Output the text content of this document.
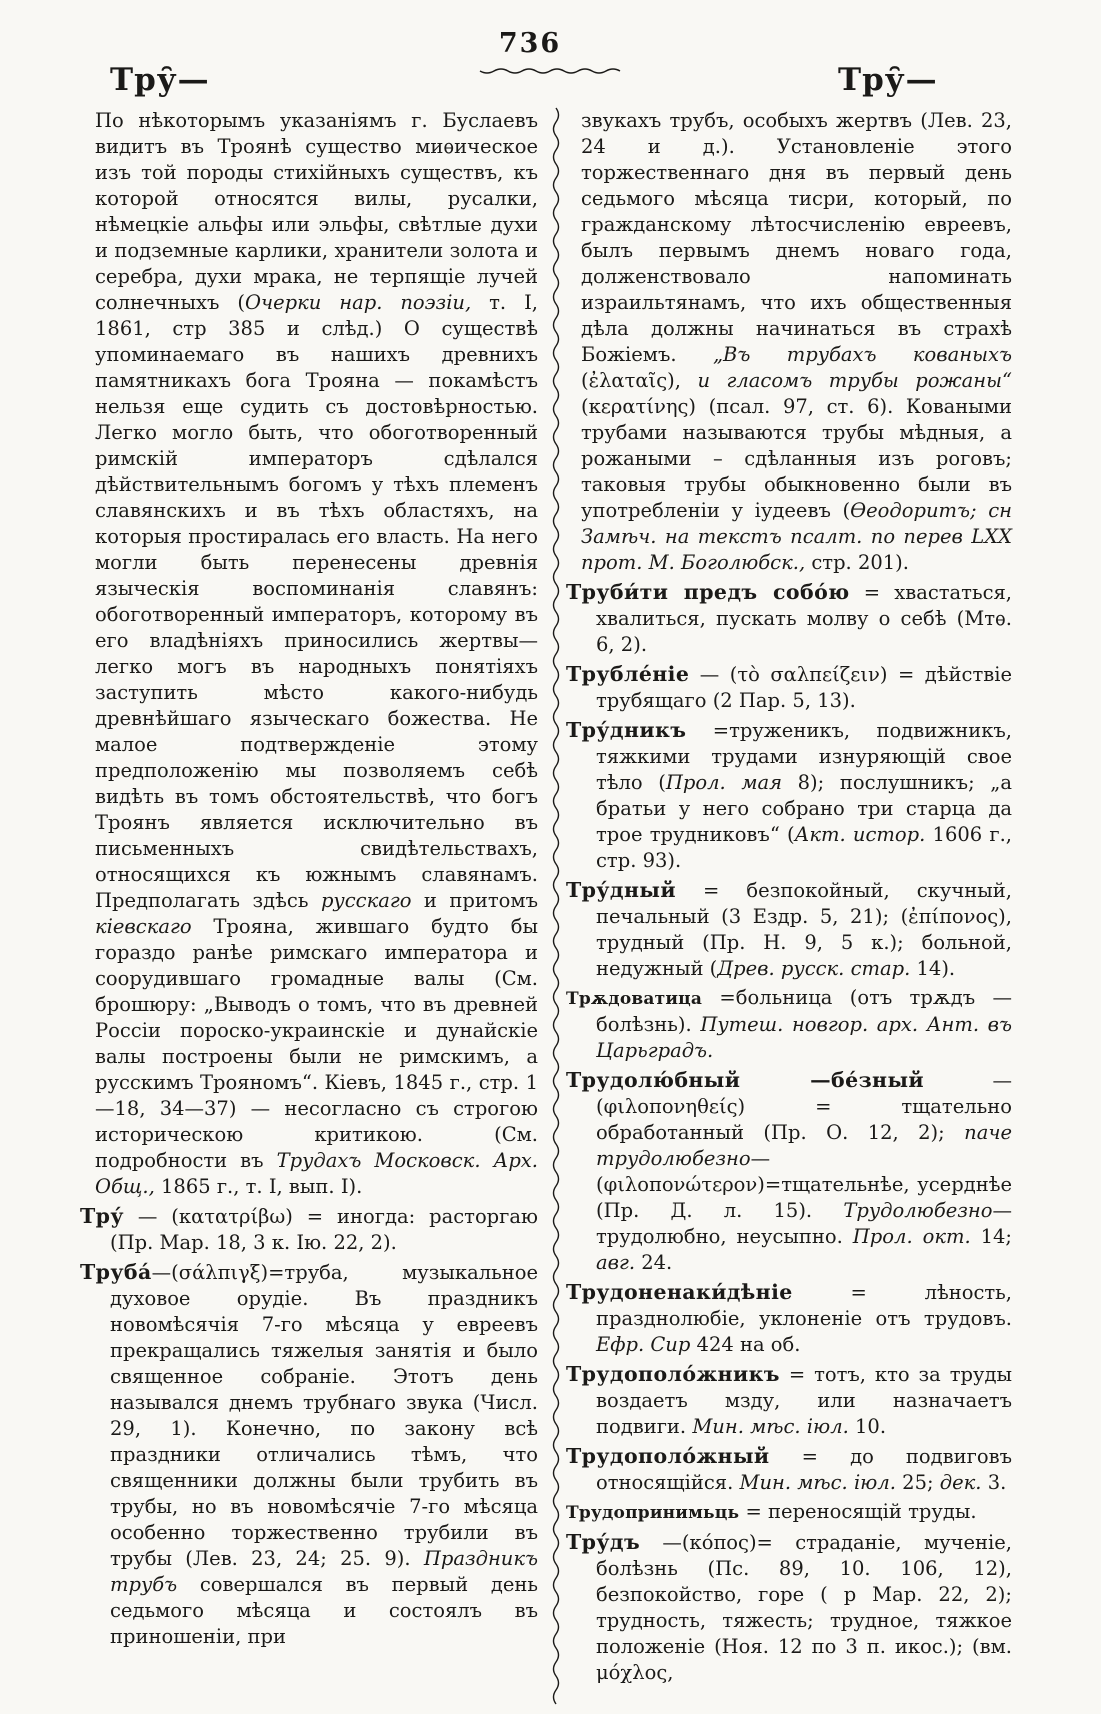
736
Тру̑—	Тру̑—

По нѣкоторымъ указаніямъ г. Буслаевъ видитъ въ Троянѣ существо миѳическое изъ той породы стихійныхъ существъ, къ которой относятся вилы, русалки, нѣмецкіе альфы или эльфы, свѣтлые духи и подземные карлики, хранители золота и серебра, духи мрака, не терпящіе лучей солнечныхъ (Очерки нар. поэзіи, т. I, 1861, стр 385 и слѣд.) О существѣ упоминаемаго въ нашихъ древнихъ памятникахъ бога Трояна — покамѣстъ нельзя еще судить съ достовѣрностью. Легко могло быть, что обоготворенный римскій императоръ сдѣлался дѣйствительнымъ богомъ у тѣхъ племенъ славянскихъ и въ тѣхъ областяхъ, на которыя простиралась его власть. На него могли быть перенесены древнія языческія воспоминанія славянъ: обоготворенный императоръ, которому въ его владѣніяхъ приносились жертвы— легко могъ въ народныхъ понятіяхъ заступить мѣсто какого-нибудь древнѣйшаго языческаго божества. Не малое подтвержденіе этому предположенію мы позволяемъ себѣ видѣть въ томъ обстоятельствѣ, что богъ Троянъ является исключительно въ письменныхъ свидѣтельствахъ, относящихся къ южнымъ славянамъ. Предполагать здѣсь русскаго и притомъ кіевскаго Трояна, жившаго будто бы гораздо ранѣе римскаго императора и соорудившаго громадные валы (См. брошюру: „Выводъ о томъ, что въ древней Россіи пороско-украинскіе и дунайскіе валы построены были не римскимъ, а русскимъ Трояномъ“. Кіевъ, 1845 г., стр. 1—18, 34—37) — несогласно съ строгою историческою критикою. (См. подробности въ Трудахъ Московск. Арх. Общ., 1865 г., т. I, вып. I).

Тру́ — (κατατρίβω) = иногда: расторгаю (Пр. Мар. 18, 3 к. Ію. 22, 2).

Труба́—(σάλπιγξ)=труба, музыкальное духовое орудіе. Въ праздникъ новомѣсячія 7-го мѣсяца у евреевъ прекращались тяжелыя занятія и было священное собраніе. Этотъ день назывался днемъ трубнаго звука (Числ. 29, 1). Конечно, по закону всѣ праздники отличались тѣмъ, что священники должны были трубить въ трубы, но въ новомѣсячіе 7-го мѣсяца особенно торжественно трубили въ трубы (Лев. 23, 24; 25. 9). Праздникъ трубъ совершался въ первый день седьмого мѣсяца и состоялъ въ приношеніи, при

звукахъ трубъ, особыхъ жертвъ (Лев. 23, 24 и д.). Установленіе этого торжественнаго дня въ первый день седьмого мѣсяца тисри, который, по гражданскому лѣтосчисленію евреевъ, былъ первымъ днемъ новаго года, долженствовало напоминать израильтянамъ, что ихъ общественныя дѣла должны начинаться въ страхѣ Божіемъ. „Въ трубахъ кованыхъ (ἐλαταῖς), и гласомъ трубы рожаны“ (κερατίνης) (псал. 97, ст. 6). Коваными трубами называются трубы мѣдныя, а рожаными – сдѣланныя изъ роговъ; таковыя трубы обыкновенно были въ употребленіи у іудеевъ (Ѳеодоритъ; сн Замѣч. на текстъ псалт. по перев LXX прот. М. Боголюбск., стр. 201).

Труби́ти предъ собо́ю = хвастаться, хвалиться, пускать молву о себѣ (Мтѳ. 6, 2).

Трубле́ніе — (τὸ σαλπείζειν) = дѣйствіе трубящаго (2 Пар. 5, 13).

Тру́дникъ =труженикъ, подвижникъ, тяжкими трудами изнуряющій свое тѣло (Прол. мая 8); послушникъ; „а братьи у него собрано три старца да трое трудниковъ“ (Акт. истор. 1606 г., стр. 93).

Тру́дный = безпокойный, скучный, печальный (3 Ездр. 5, 21); (ἐπίπονος), трудный (Пр. Н. 9, 5 к.); больной, недужный (Древ. русск. стар. 14).

Трѫдоватица =больница (отъ трѫдъ — болѣзнь). Путеш. новгор. арх. Ант. въ Царьградъ.

Трудолю́бный —бе́зный — (φιλοπονηθείς) = тщательно обработанный (Пр. О. 12, 2); паче трудолюбезно—(φιλοπονώτερον)=тщательнѣе, усерднѣе (Пр. Д. л. 15). Трудолюбезно—трудолюбно, неусыпно. Прол. окт. 14; авг. 24.

Трудоненаки́дѣніе = лѣность, празднолюбіе, уклоненіе отъ трудовъ. Ефр. Сир 424 на об.

Трудополо́жникъ = тотъ, кто за труды воздаетъ мзду, или назначаетъ подвиги. Мин. мѣс. іюл. 10.

Трудополо́жный = до подвиговъ относящійся. Мин. мѣс. іюл. 25; дек. 3.

Трудопринимьць = переносящій труды.

Тру́дъ —(κόπος)= страданіе, мученіе, болѣзнь (Пс. 89, 10. 106, 12), безпокойство, горе ( р Мар. 22, 2); трудность, тяжесть; трудное, тяжкое положеніе (Ноя. 12 по 3 п. икос.); (вм. μόχλος,
